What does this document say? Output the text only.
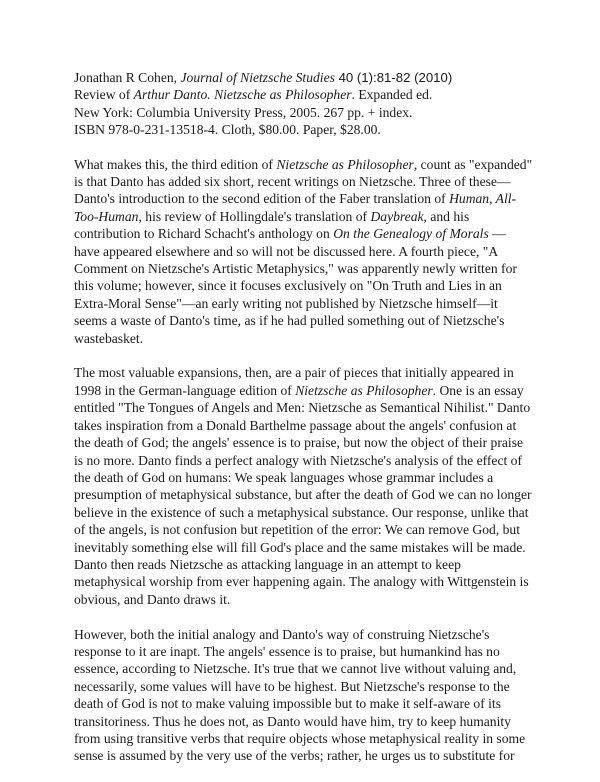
Jonathan R Cohen, Journal of Nietzsche Studies 40 (1):81-82 (2010)
Review of Arthur Danto. Nietzsche as Philosopher. Expanded ed.
New York: Columbia University Press, 2005. 267 pp. + index.
ISBN 978-0-231-13518-4. Cloth, $80.00. Paper, $28.00.

What makes this, the third edition of Nietzsche as Philosopher, count as "expanded" is that Danto has added six short, recent writings on Nietzsche. Three of these—Danto's introduction to the second edition of the Faber translation of Human, All-Too-Human, his review of Hollingdale's translation of Daybreak, and his contribution to Richard Schacht's anthology on On the Genealogy of Morals — have appeared elsewhere and so will not be discussed here. A fourth piece, "A Comment on Nietzsche's Artistic Metaphysics," was apparently newly written for this volume; however, since it focuses exclusively on "On Truth and Lies in an Extra-Moral Sense"—an early writing not published by Nietzsche himself—it seems a waste of Danto's time, as if he had pulled something out of Nietzsche's wastebasket.

The most valuable expansions, then, are a pair of pieces that initially appeared in 1998 in the German-language edition of Nietzsche as Philosopher. One is an essay entitled "The Tongues of Angels and Men: Nietzsche as Semantical Nihilist." Danto takes inspiration from a Donald Barthelme passage about the angels' confusion at the death of God; the angels' essence is to praise, but now the object of their praise is no more. Danto finds a perfect analogy with Nietzsche's analysis of the effect of the death of God on humans: We speak languages whose grammar includes a presumption of metaphysical substance, but after the death of God we can no longer believe in the existence of such a metaphysical substance. Our response, unlike that of the angels, is not confusion but repetition of the error: We can remove God, but inevitably something else will fill God's place and the same mistakes will be made. Danto then reads Nietzsche as attacking language in an attempt to keep metaphysical worship from ever happening again. The analogy with Wittgenstein is obvious, and Danto draws it.

However, both the initial analogy and Danto's way of construing Nietzsche's response to it are inapt. The angels' essence is to praise, but humankind has no essence, according to Nietzsche. It's true that we cannot live without valuing and, necessarily, some values will have to be highest. But Nietzsche's response to the death of God is not to make valuing impossible but to make it self-aware of its transitoriness. Thus he does not, as Danto would have him, try to keep humanity from using transitive verbs that require objects whose metaphysical reality in some sense is assumed by the very use of the verbs; rather, he urges us to substitute for
